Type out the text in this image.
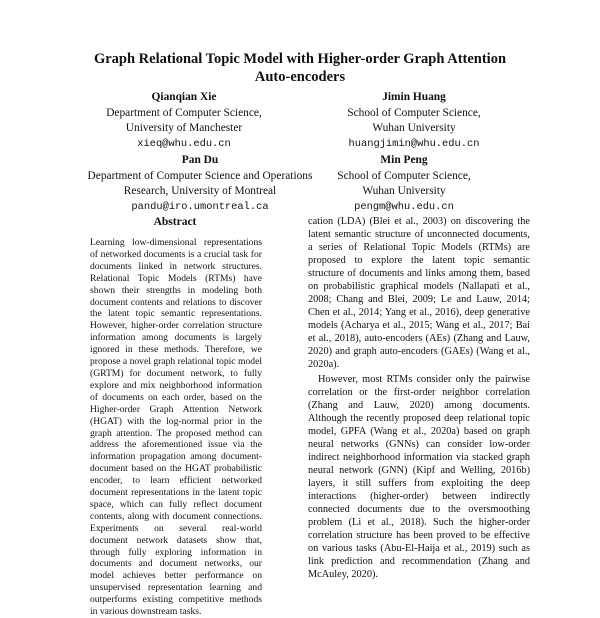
Graph Relational Topic Model with Higher-order Graph Attention
Auto-encoders
Qianqian Xie
Department of Computer Science,
University of Manchester
xieq@whu.edu.cn
Jimin Huang
School of Computer Science,
Wuhan University
huangjimin@whu.edu.cn
Pan Du
Department of Computer Science and Operations
Research, University of Montreal
pandu@iro.umontreal.ca
Min Peng
School of Computer Science,
Wuhan University
pengm@whu.edu.cn
Abstract

Learning low-dimensional representations of networked documents is a crucial task for documents linked in network structures. Relational Topic Models (RTMs) have shown their strengths in modeling both document contents and relations to discover the latent topic semantic representations. However, higher-order correlation structure information among documents is largely ignored in these methods. Therefore, we propose a novel graph relational topic model (GRTM) for document network, to fully explore and mix neighborhood information of documents on each order, based on the Higher-order Graph Attention Network (HGAT) with the log-normal prior in the graph attention. The proposed method can address the aforementioned issue via the information propagation among document-document based on the HGAT probabilistic encoder, to learn efficient networked document representations in the latent topic space, which can fully reflect document contents, along with document connections. Experiments on several real-world document network datasets show that, through fully exploring information in documents and document networks, our model achieves better performance on unsupervised representation learning and outperforms existing competitive methods in various downstream tasks.

cation (LDA) (Blei et al., 2003) on discovering the latent semantic structure of unconnected documents, a series of Relational Topic Models (RTMs) are proposed to explore the latent topic semantic structure of documents and links among them, based on probabilistic graphical models (Nallapati et al., 2008; Chang and Blei, 2009; Le and Lauw, 2014; Chen et al., 2014; Yang et al., 2016), deep generative models (Acharya et al., 2015; Wang et al., 2017; Bai et al., 2018), auto-encoders (AEs) (Zhang and Lauw, 2020) and graph auto-encoders (GAEs) (Wang et al., 2020a).

However, most RTMs consider only the pairwise correlation or the first-order neighbor correlation (Zhang and Lauw, 2020) among documents. Although the recently proposed deep relational topic model, GPFA (Wang et al., 2020a) based on graph neural networks (GNNs) can consider low-order indirect neighborhood information via stacked graph neural network (GNN) (Kipf and Welling, 2016b) layers, it still suffers from exploiting the deep interactions (higher-order) between indirectly connected documents due to the oversmoothing problem (Li et al., 2018). Such the higher-order correlation structure has been proved to be effective on various tasks (Abu-El-Haija et al., 2019) such as link prediction and recommendation (Zhang and McAuley, 2020).
